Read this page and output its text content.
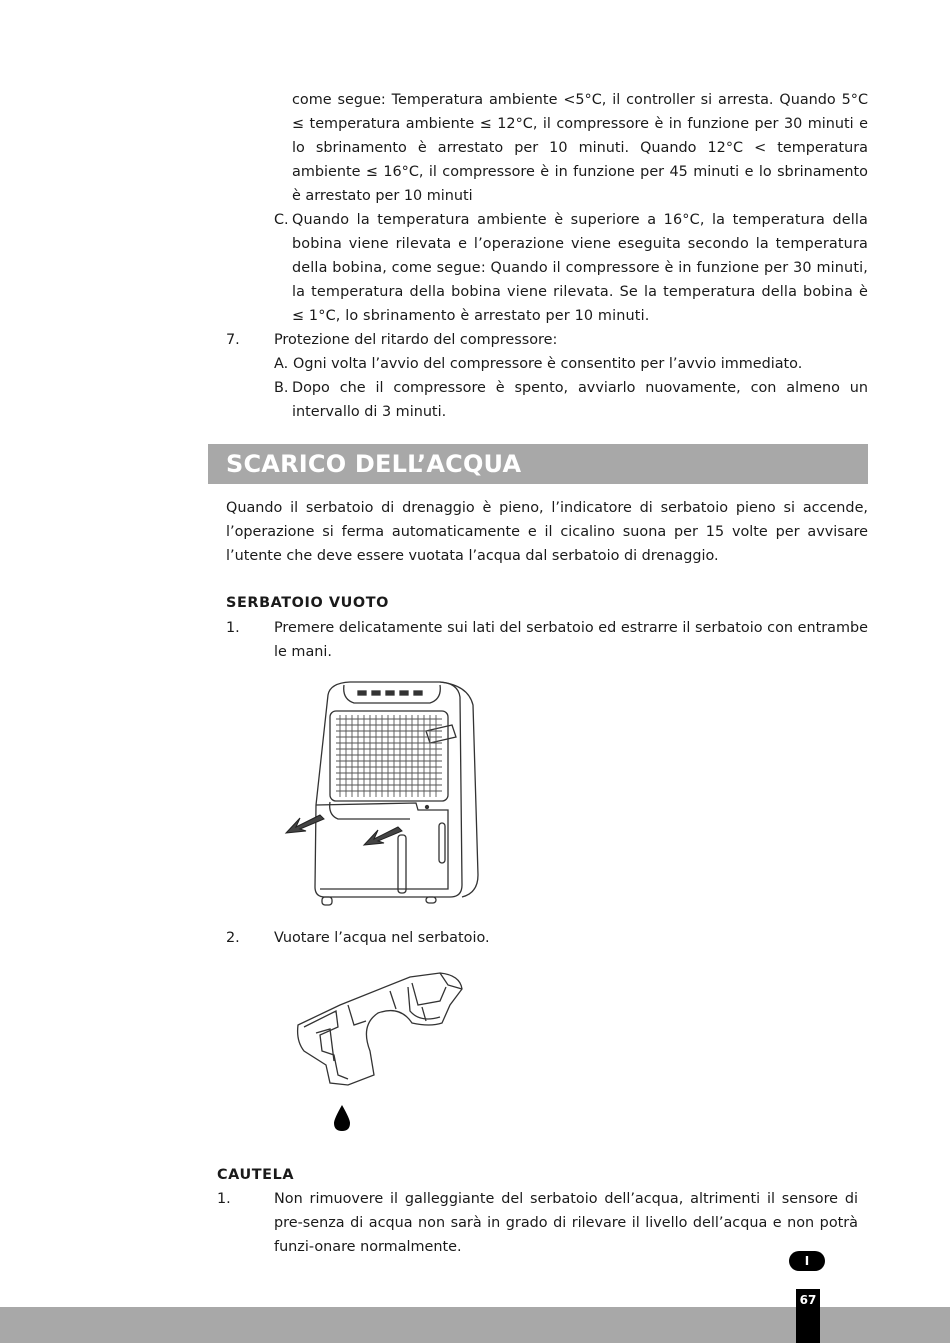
come segue: Temperatura ambiente <5°C, il controller si arresta. Quando 5°C ≤ temperatura ambiente ≤ 12°C, il compressore è in funzione per 30 minuti e lo sbrinamento è arrestato per 10 minuti. Quando 12°C < temperatura ambiente ≤ 16°C, il compressore è in funzione per 45 minuti e lo sbrinamento è arrestato per 10 minuti
C. Quando la temperatura ambiente è superiore a 16°C, la temperatura della bobina viene rilevata e l’operazione viene eseguita secondo la temperatura della bobina, come segue: Quando il compressore è in funzione per 30 minuti, la temperatura della bobina viene rilevata. Se la temperatura della bobina è ≤ 1°C, lo sbrinamento è arrestato per 10 minuti.
7. Protezione del ritardo del compressore:
A. Ogni volta l’avvio del compressore è consentito per l’avvio immediato.
B. Dopo che il compressore è spento, avviarlo nuovamente, con almeno un intervallo di 3 minuti.
SCARICO DELL’ACQUA
Quando il serbatoio di drenaggio è pieno, l’indicatore di serbatoio pieno si accende, l’operazione si ferma automaticamente e il cicalino suona per 15 volte per avvisare l’utente che deve essere vuotata l’acqua dal serbatoio di drenaggio.
SERBATOIO VUOTO
1. Premere delicatamente sui lati del serbatoio ed estrarre il serbatoio con entrambe le mani.
2. Vuotare l’acqua nel serbatoio.
CAUTELA
1.	Non rimuovere il galleggiante del serbatoio dell’acqua, altrimenti il sensore di pre-senza di acqua non sarà in grado di rilevare il livello dell’acqua e non potrà funzi-onare normalmente.
I
67
